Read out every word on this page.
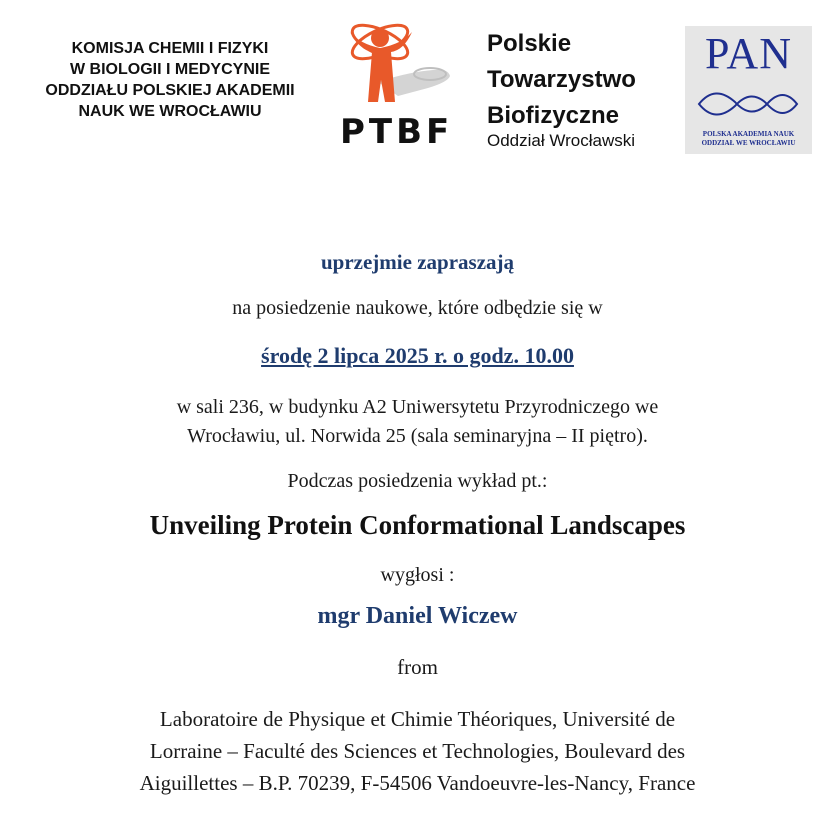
KOMISJA CHEMII I FIZYKI
W BIOLOGII I MEDYCYNIE
ODDZIAŁU POLSKIEJ AKADEMII
NAUK WE WROCŁAWIU
PTBF
Polskie
Towarzystwo
Biofizyczne
Oddział Wrocławski
PAN
POLSKA AKADEMIA NAUK
ODDZIAŁ WE WROCŁAWIU
uprzejmie zapraszają
na posiedzenie naukowe, które odbędzie się w
środę 2 lipca 2025 r. o godz. 10.00
w sali 236, w budynku A2 Uniwersytetu Przyrodniczego we
Wrocławiu, ul. Norwida 25 (sala seminaryjna – II piętro).
Podczas posiedzenia wykład pt.:
Unveiling Protein Conformational Landscapes
wygłosi :
mgr Daniel Wiczew
from
Laboratoire de Physique et Chimie Théoriques, Université de
Lorraine – Faculté des Sciences et Technologies, Boulevard des
Aiguillettes – B.P. 70239, F-54506 Vandoeuvre-les-Nancy, France
